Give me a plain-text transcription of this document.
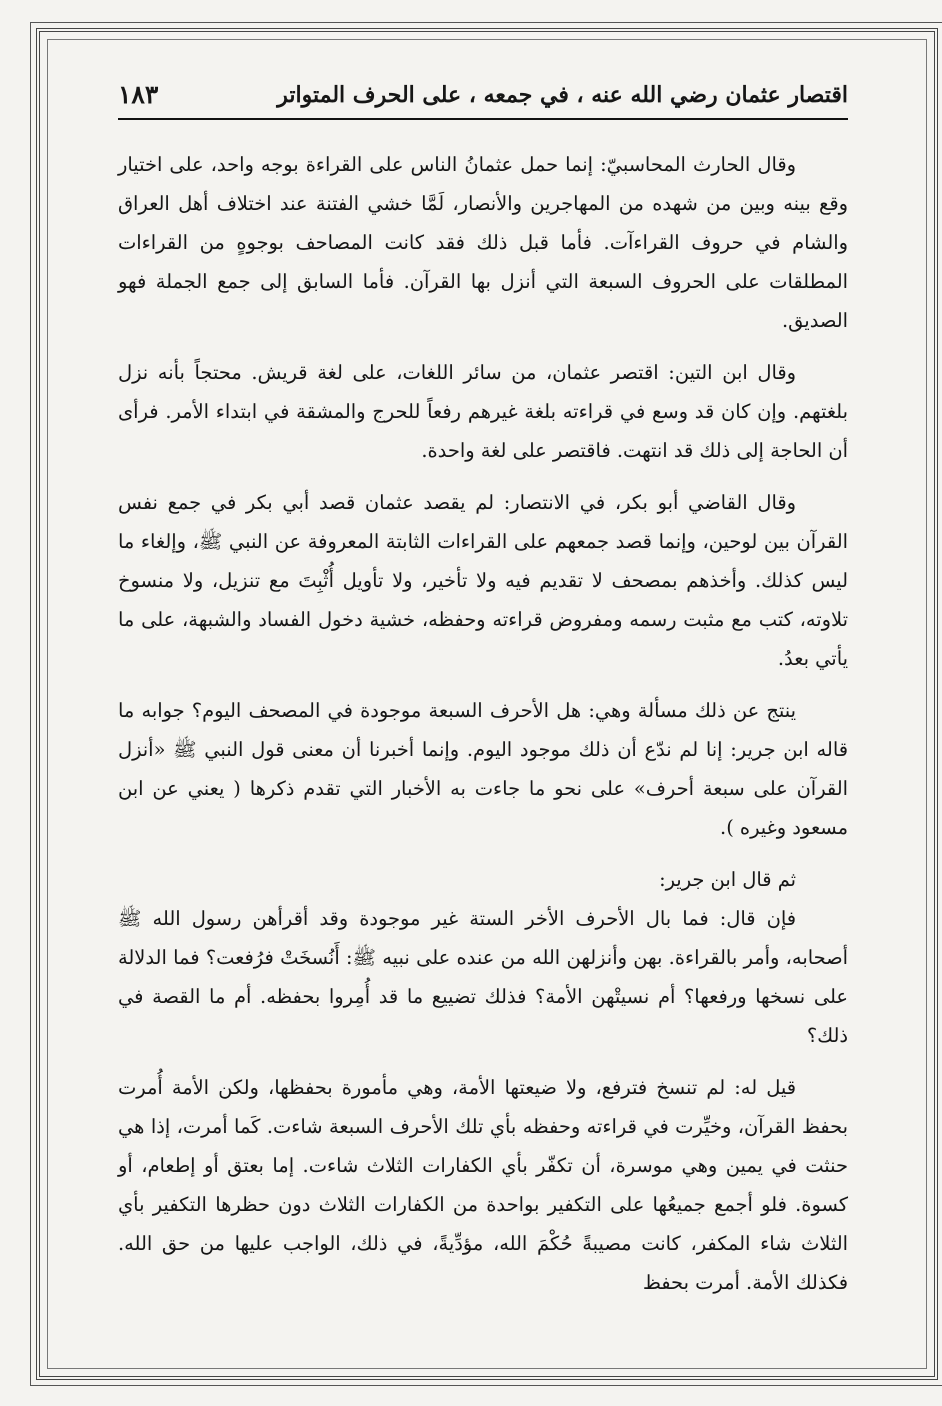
اقتصار عثمان رضي الله عنه ، في جمعه ، على الحرف المتواتر
١٨٣

وقال الحارث المحاسبيّ: إنما حمل عثمانُ الناس على القراءة بوجه واحد، على اختيار وقع بينه وبين من شهده من المهاجرين والأنصار، لَمَّا خشي الفتنة عند اختلاف أهل العراق والشام في حروف القراءآت. فأما قبل ذلك فقد كانت المصاحف بوجوهٍ من القراءات المطلقات على الحروف السبعة التي أنزل بها القرآن. فأما السابق إلى جمع الجملة فهو الصديق.

وقال ابن التين: اقتصر عثمان، من سائر اللغات، على لغة قريش. محتجاً بأنه نزل بلغتهم. وإن كان قد وسع في قراءته بلغة غيرهم رفعاً للحرج والمشقة في ابتداء الأمر. فرأى أن الحاجة إلى ذلك قد انتهت. فاقتصر على لغة واحدة.

وقال القاضي أبو بكر، في الانتصار: لم يقصد عثمان قصد أبي بكر في جمع نفس القرآن بين لوحين، وإنما قصد جمعهم على القراءات الثابتة المعروفة عن النبي ﷺ، وإلغاء ما ليس كذلك. وأخذهم بمصحف لا تقديم فيه ولا تأخير، ولا تأويل أُثْبِتَ مع تنزيل، ولا منسوخ تلاوته، كتب مع مثبت رسمه ومفروض قراءته وحفظه، خشية دخول الفساد والشبهة، على ما يأتي بعدُ.

ينتج عن ذلك مسألة وهي: هل الأحرف السبعة موجودة في المصحف اليوم؟ جوابه ما قاله ابن جرير: إنا لم ندّع أن ذلك موجود اليوم. وإنما أخبرنا أن معنى قول النبي ﷺ «أنزل القرآن على سبعة أحرف» على نحو ما جاءت به الأخبار التي تقدم ذكرها ( يعني عن ابن مسعود وغيره ).

ثم قال ابن جرير:

فإن قال: فما بال الأحرف الأخر الستة غير موجودة وقد أقرأهن رسول الله ﷺ أصحابه، وأمر بالقراءة. بهن وأنزلهن الله من عنده على نبيه ﷺ: أَنُسخَتْ فرُفعت؟ فما الدلالة على نسخها ورفعها؟ أم نسيتْهن الأمة؟ فذلك تضييع ما قد أُمِروا بحفظه. أم ما القصة في ذلك؟

قيل له: لم تنسخ فترفع، ولا ضيعتها الأمة، وهي مأمورة بحفظها، ولكن الأمة أُمرت بحفظ القرآن، وخيِّرت في قراءته وحفظه بأي تلك الأحرف السبعة شاءت. كَما أمرت، إذا هي حنثت في يمين وهي موسرة، أن تكفّر بأي الكفارات الثلاث شاءت. إما بعتق أو إطعام، أو كسوة. فلو أجمع جميعُها على التكفير بواحدة من الكفارات الثلاث دون حظرها التكفير بأي الثلاث شاء المكفر، كانت مصيبةً حُكْمَ الله، مؤدِّيةً، في ذلك، الواجب عليها من حق الله. فكذلك الأمة. أمرت بحفظ
